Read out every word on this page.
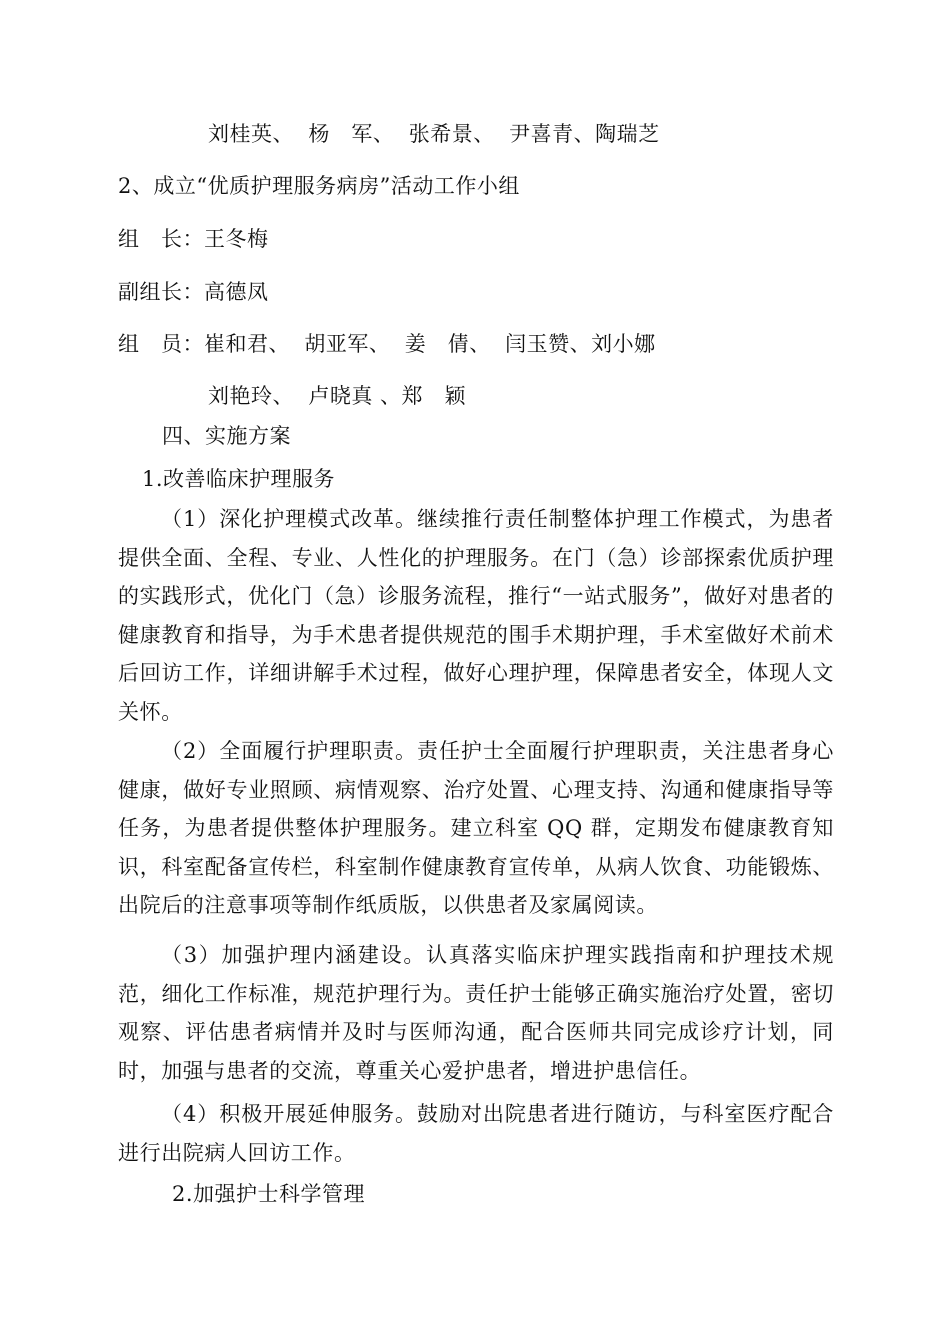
刘桂英、  杨   军、  张希景、  尹喜青、陶瑞芝
2、成立“优质护理服务病房”活动工作小组
组   长：王冬梅
副组长：高德凤
组   员：崔和君、  胡亚军、  姜   倩、  闫玉赞、刘小娜
刘艳玲、  卢晓真 、郑   颖
四、实施方案
1.改善临床护理服务
（1）深化护理模式改革。继续推行责任制整体护理工作模式，为患者提供全面、全程、专业、人性化的护理服务。在门（急）诊部探索优质护理的实践形式，优化门（急）诊服务流程，推行“一站式服务”，做好对患者的健康教育和指导，为手术患者提供规范的围手术期护理，手术室做好术前术后回访工作，详细讲解手术过程，做好心理护理，保障患者安全，体现人文关怀。
（2）全面履行护理职责。责任护士全面履行护理职责，关注患者身心健康，做好专业照顾、病情观察、治疗处置、心理支持、沟通和健康指导等任务，为患者提供整体护理服务。建立科室 QQ 群，定期发布健康教育知识，科室配备宣传栏，科室制作健康教育宣传单，从病人饮食、功能锻炼、出院后的注意事项等制作纸质版，以供患者及家属阅读。
（3）加强护理内涵建设。认真落实临床护理实践指南和护理技术规范，细化工作标准，规范护理行为。责任护士能够正确实施治疗处置，密切观察、评估患者病情并及时与医师沟通，配合医师共同完成诊疗计划，同时，加强与患者的交流，尊重关心爱护患者，增进护患信任。
（4）积极开展延伸服务。鼓励对出院患者进行随访，与科室医疗配合进行出院病人回访工作。
2.加强护士科学管理
